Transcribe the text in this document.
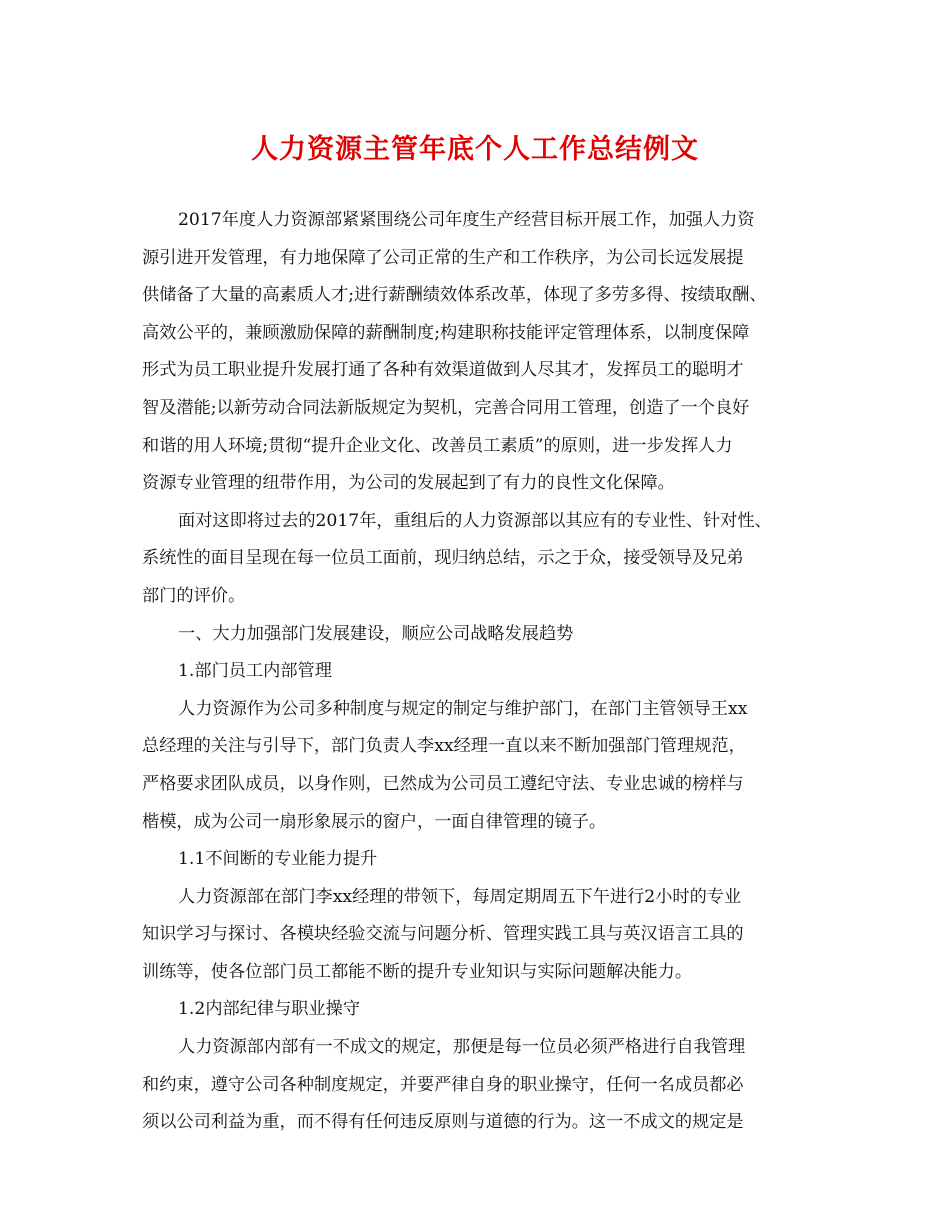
人力资源主管年底个人工作总结例文
2017年度人力资源部紧紧围绕公司年度生产经营目标开展工作，加强人力资
源引进开发管理，有力地保障了公司正常的生产和工作秩序，为公司长远发展提
供储备了大量的高素质人才;进行薪酬绩效体系改革，体现了多劳多得、按绩取酬、
高效公平的，兼顾激励保障的薪酬制度;构建职称技能评定管理体系，以制度保障
形式为员工职业提升发展打通了各种有效渠道做到人尽其才，发挥员工的聪明才
智及潜能;以新劳动合同法新版规定为契机，完善合同用工管理，创造了一个良好
和谐的用人环境;贯彻“提升企业文化、改善员工素质”的原则，进一步发挥人力
资源专业管理的纽带作用，为公司的发展起到了有力的良性文化保障。
面对这即将过去的2017年，重组后的人力资源部以其应有的专业性、针对性、
系统性的面目呈现在每一位员工面前，现归纳总结，示之于众，接受领导及兄弟
部门的评价。
一、大力加强部门发展建设，顺应公司战略发展趋势
1.部门员工内部管理
人力资源作为公司多种制度与规定的制定与维护部门，在部门主管领导王xx
总经理的关注与引导下，部门负责人李xx经理一直以来不断加强部门管理规范，
严格要求团队成员，以身作则，已然成为公司员工遵纪守法、专业忠诚的榜样与
楷模，成为公司一扇形象展示的窗户，一面自律管理的镜子。
1.1不间断的专业能力提升
人力资源部在部门李xx经理的带领下，每周定期周五下午进行2小时的专业
知识学习与探讨、各模块经验交流与问题分析、管理实践工具与英汉语言工具的
训练等，使各位部门员工都能不断的提升专业知识与实际问题解决能力。
1.2内部纪律与职业操守
人力资源部内部有一不成文的规定，那便是每一位员必须严格进行自我管理
和约束，遵守公司各种制度规定，并要严律自身的职业操守，任何一名成员都必
须以公司利益为重，而不得有任何违反原则与道德的行为。这一不成文的规定是
